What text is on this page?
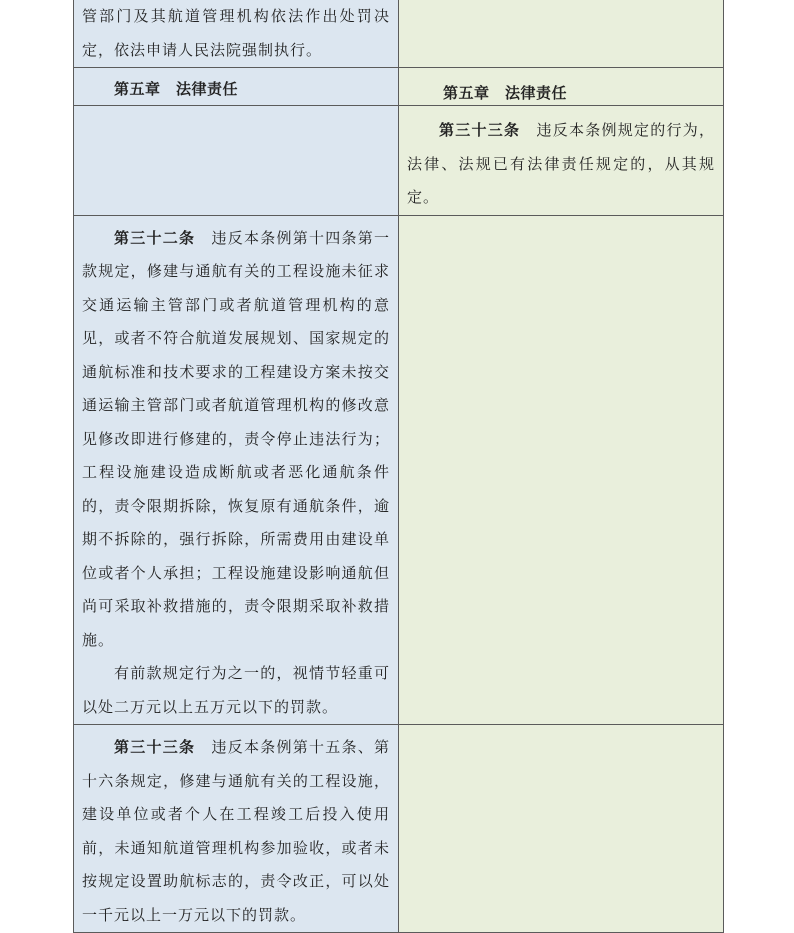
管部门及其航道管理机构依法作出处罚决定，依法申请人民法院强制执行。	

第五章　法律责任	第五章　法律责任

	第三十三条　 违反本条例规定的行为，法律、法规已有法律责任规定的，从其规定。

第三十二条　 违反本条例第十四条第一款规定，修建与通航有关的工程设施未征求交通运输主管部门或者航道管理机构的意见，或者不符合航道发展规划、国家规定的通航标准和技术要求的工程建设方案未按交通运输主管部门或者航道管理机构的修改意见修改即进行修建的，责令停止违法行为；工程设施建设造成断航或者恶化通航条件的，责令限期拆除，恢复原有通航条件，逾期不拆除的，强行拆除，所需费用由建设单位或者个人承担；工程设施建设影响通航但尚可采取补救措施的，责令限期采取补救措施。
有前款规定行为之一的，视情节轻重可以处二万元以上五万元以下的罚款。	

第三十三条　 违反本条例第十五条、第十六条规定，修建与通航有关的工程设施，建设单位或者个人在工程竣工后投入使用前，未通知航道管理机构参加验收，或者未按规定设置助航标志的，责令改正，可以处一千元以上一万元以下的罚款。	
